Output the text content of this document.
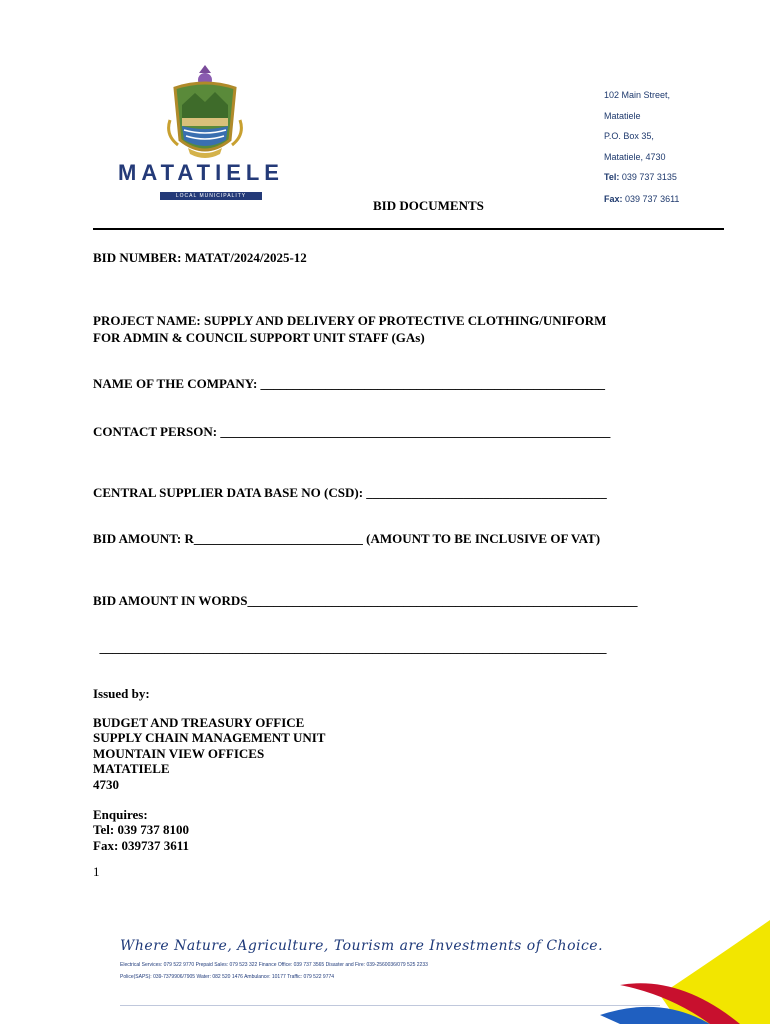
MATATIELE
LOCAL MUNICIPALITY
102 Main Street,
Matatiele
P.O. Box 35,
Matatiele, 4730
Tel: 039 737 3135
Fax: 039 737 3611
BID DOCUMENTS
BID NUMBER: MATAT/2024/2025-12
PROJECT NAME: SUPPLY AND DELIVERY OF PROTECTIVE CLOTHING/UNIFORM
FOR ADMIN & COUNCIL SUPPORT UNIT STAFF (GAs)
NAME OF THE COMPANY: _____________________________________________________
CONTACT PERSON: ____________________________________________________________
CENTRAL SUPPLIER DATA BASE NO (CSD): _____________________________________
BID AMOUNT: R__________________________ (AMOUNT TO BE INCLUSIVE OF VAT)
BID AMOUNT IN WORDS____________________________________________________________
______________________________________________________________________________
Issued by:
BUDGET AND TREASURY OFFICE
SUPPLY CHAIN MANAGEMENT UNIT
MOUNTAIN VIEW OFFICES
MATATIELE
4730
Enquires:
Tel: 039 737 8100
Fax: 039737 3611
1
Where Nature, Agriculture, Tourism are Investments of Choice.
Electrical Services: 079 522 9770 Prepaid Sales: 079 523 322 Finance Office: 039 737 3565 Disaster and Fire: 039-2560036/079 525 2233
Police(SAPS): 039-7379906/7905 Water: 082 520 1476 Ambulance: 10177 Traffic: 079 522 9774
